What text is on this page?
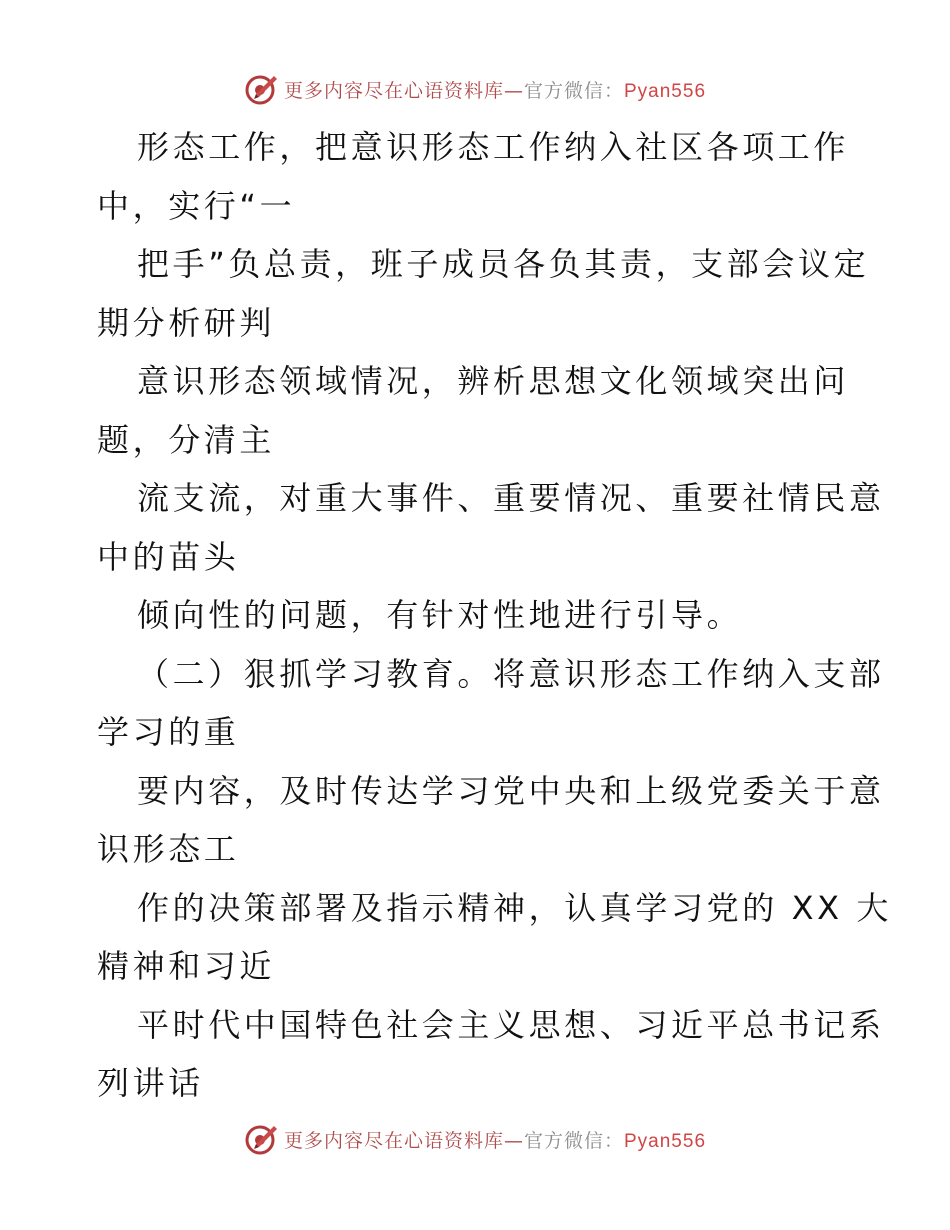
更多内容尽在心语资料库—官方微信：Pyan556
形态工作，把意识形态工作纳入社区各项工作
中，实行“一
把手”负总责，班子成员各负其责，支部会议定
期分析研判
意识形态领域情况，辨析思想文化领域突出问
题，分清主
流支流，对重大事件、重要情况、重要社情民意
中的苗头
倾向性的问题，有针对性地进行引导。
（二）狠抓学习教育。将意识形态工作纳入支部
学习的重
要内容，及时传达学习党中央和上级党委关于意
识形态工
作的决策部署及指示精神，认真学习党的 XX 大
精神和习近
平时代中国特色社会主义思想、习近平总书记系
列讲话
更多内容尽在心语资料库—官方微信：Pyan556
